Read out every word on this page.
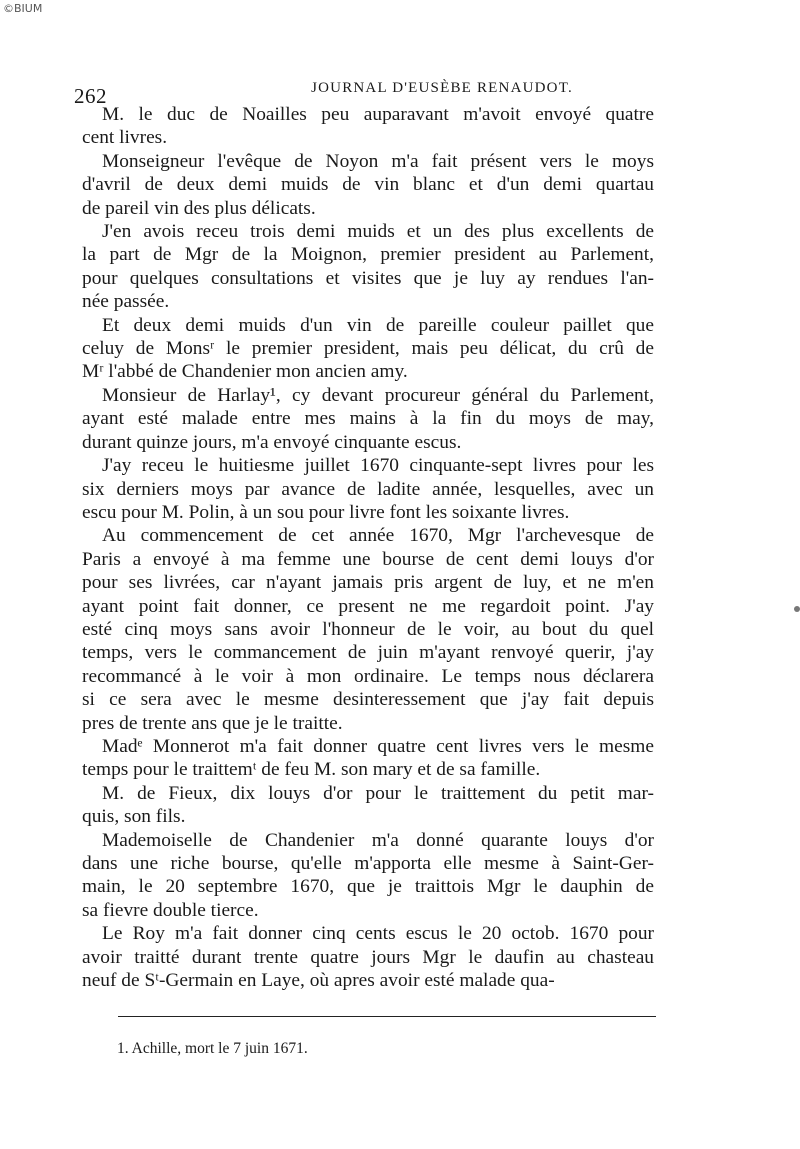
©BIUM
262	JOURNAL D'EUSÈBE RENAUDOT.
M. le duc de Noailles peu auparavant m'avoit envoyé quatre
cent livres.
Monseigneur l'evêque de Noyon m'a fait présent vers le moys
d'avril de deux demi muids de vin blanc et d'un demi quartau
de pareil vin des plus délicats.
J'en avois receu trois demi muids et un des plus excellents de
la part de Mgr de la Moignon, premier president au Parlement,
pour quelques consultations et visites que je luy ay rendues l'an-
née passée.
Et deux demi muids d'un vin de pareille couleur paillet que
celuy de Monsʳ le premier president, mais peu délicat, du crû de
Mʳ l'abbé de Chandenier mon ancien amy.
Monsieur de Harlay¹, cy devant procureur général du Parlement,
ayant esté malade entre mes mains à la fin du moys de may,
durant quinze jours, m'a envoyé cinquante escus.
J'ay receu le huitiesme juillet 1670 cinquante-sept livres pour les
six derniers moys par avance de ladite année, lesquelles, avec un
escu pour M. Polin, à un sou pour livre font les soixante livres.
Au commencement de cet année 1670, Mgr l'archevesque de
Paris a envoyé à ma femme une bourse de cent demi louys d'or
pour ses livrées, car n'ayant jamais pris argent de luy, et ne m'en
ayant point fait donner, ce present ne me regardoit point. J'ay
esté cinq moys sans avoir l'honneur de le voir, au bout du quel
temps, vers le commancement de juin m'ayant renvoyé querir, j'ay
recommancé à le voir à mon ordinaire. Le temps nous déclarera
si ce sera avec le mesme desinteressement que j'ay fait depuis
pres de trente ans que je le traitte.
Madᵉ Monnerot m'a fait donner quatre cent livres vers le mesme
temps pour le traittemᵗ de feu M. son mary et de sa famille.
M. de Fieux, dix louys d'or pour le traittement du petit mar-
quis, son fils.
Mademoiselle de Chandenier m'a donné quarante louys d'or
dans une riche bourse, qu'elle m'apporta elle mesme à Saint-Ger-
main, le 20 septembre 1670, que je traittois Mgr le dauphin de
sa fievre double tierce.
Le Roy m'a fait donner cinq cents escus le 20 octob. 1670 pour
avoir traitté durant trente quatre jours Mgr le daufin au chasteau
neuf de Sᵗ-Germain en Laye, où apres avoir esté malade qua-
1. Achille, mort le 7 juin 1671.
